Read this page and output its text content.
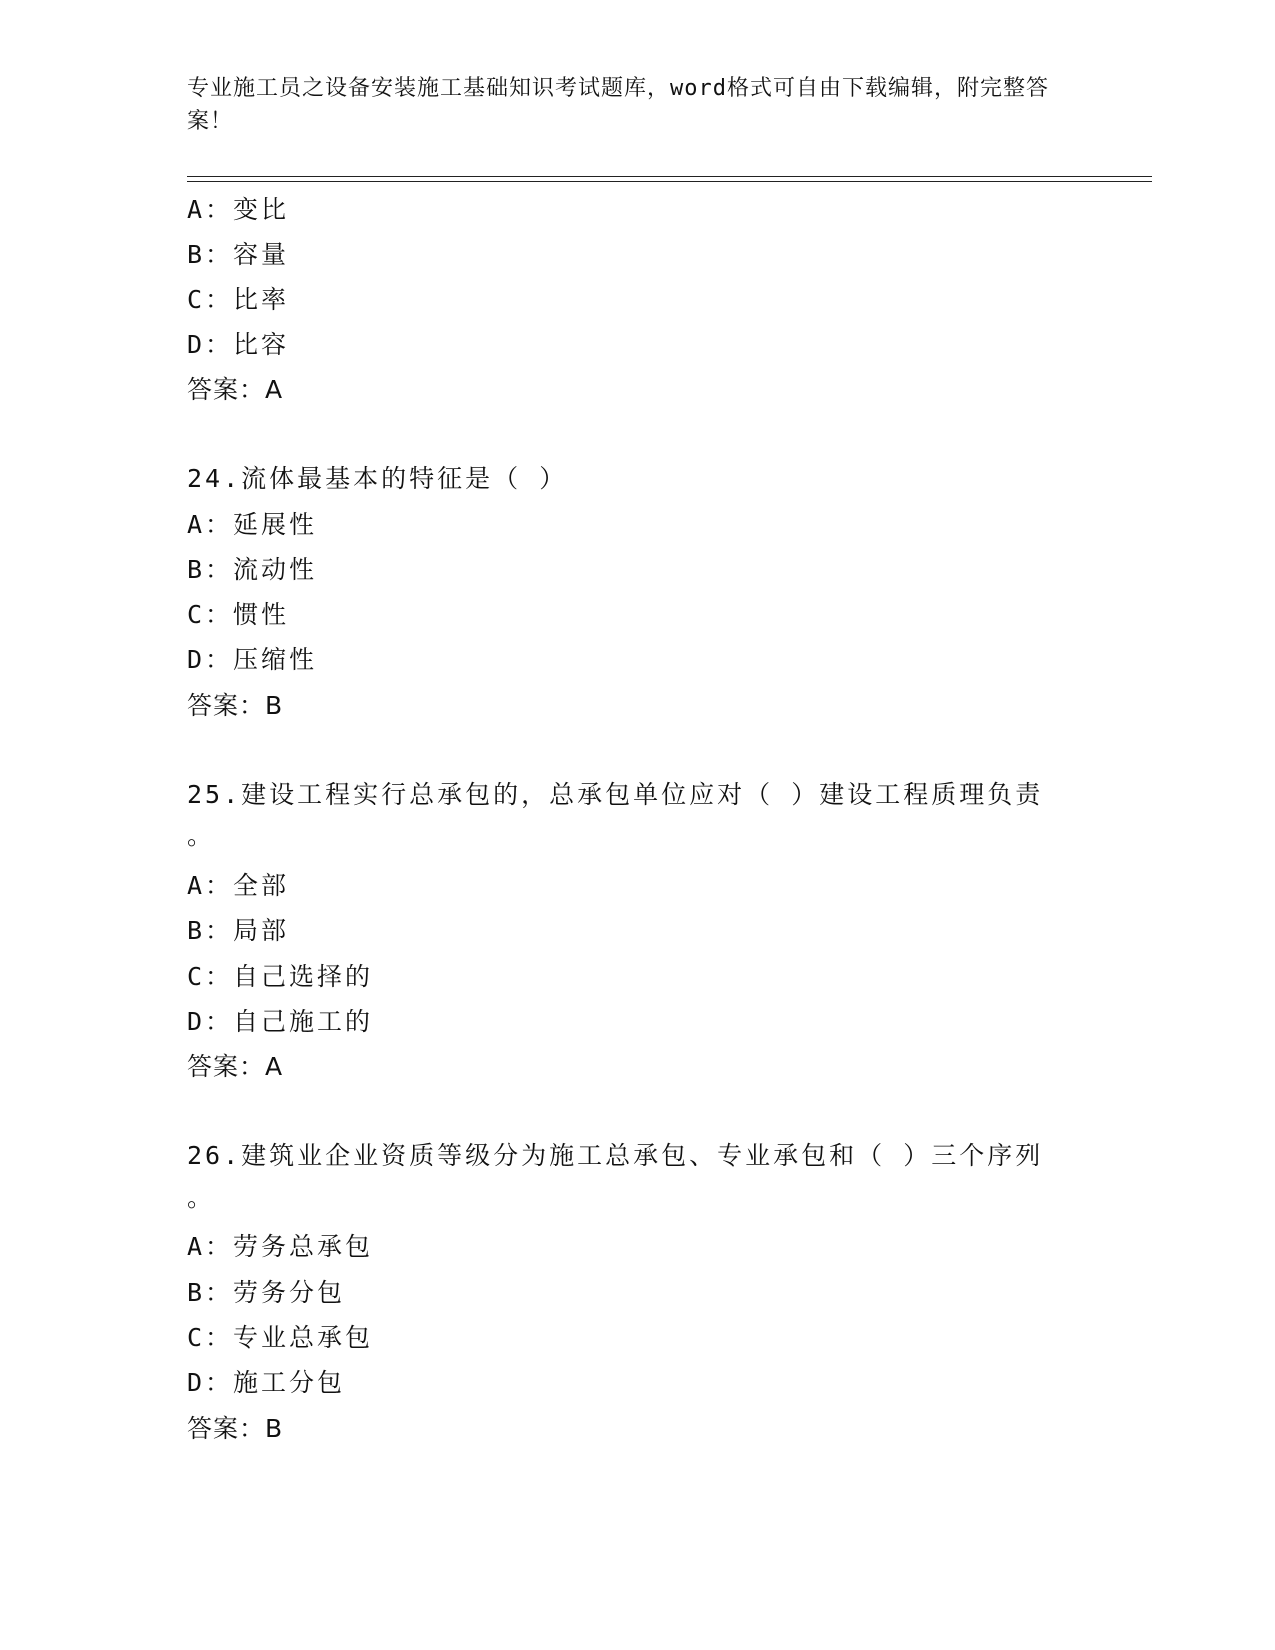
专业施工员之设备安装施工基础知识考试题库，word格式可自由下载编辑，附完整答案！
A：变比
B：容量
C：比率
D：比容
答案：A
24.流体最基本的特征是（ ）
A：延展性
B：流动性
C：惯性
D：压缩性
答案：B
25.建设工程实行总承包的，总承包单位应对（ ）建设工程质理负责
。
A：全部
B：局部
C：自己选择的
D：自己施工的
答案：A
26.建筑业企业资质等级分为施工总承包、专业承包和（ ）三个序列
。
A：劳务总承包
B：劳务分包
C：专业总承包
D：施工分包
答案：B
